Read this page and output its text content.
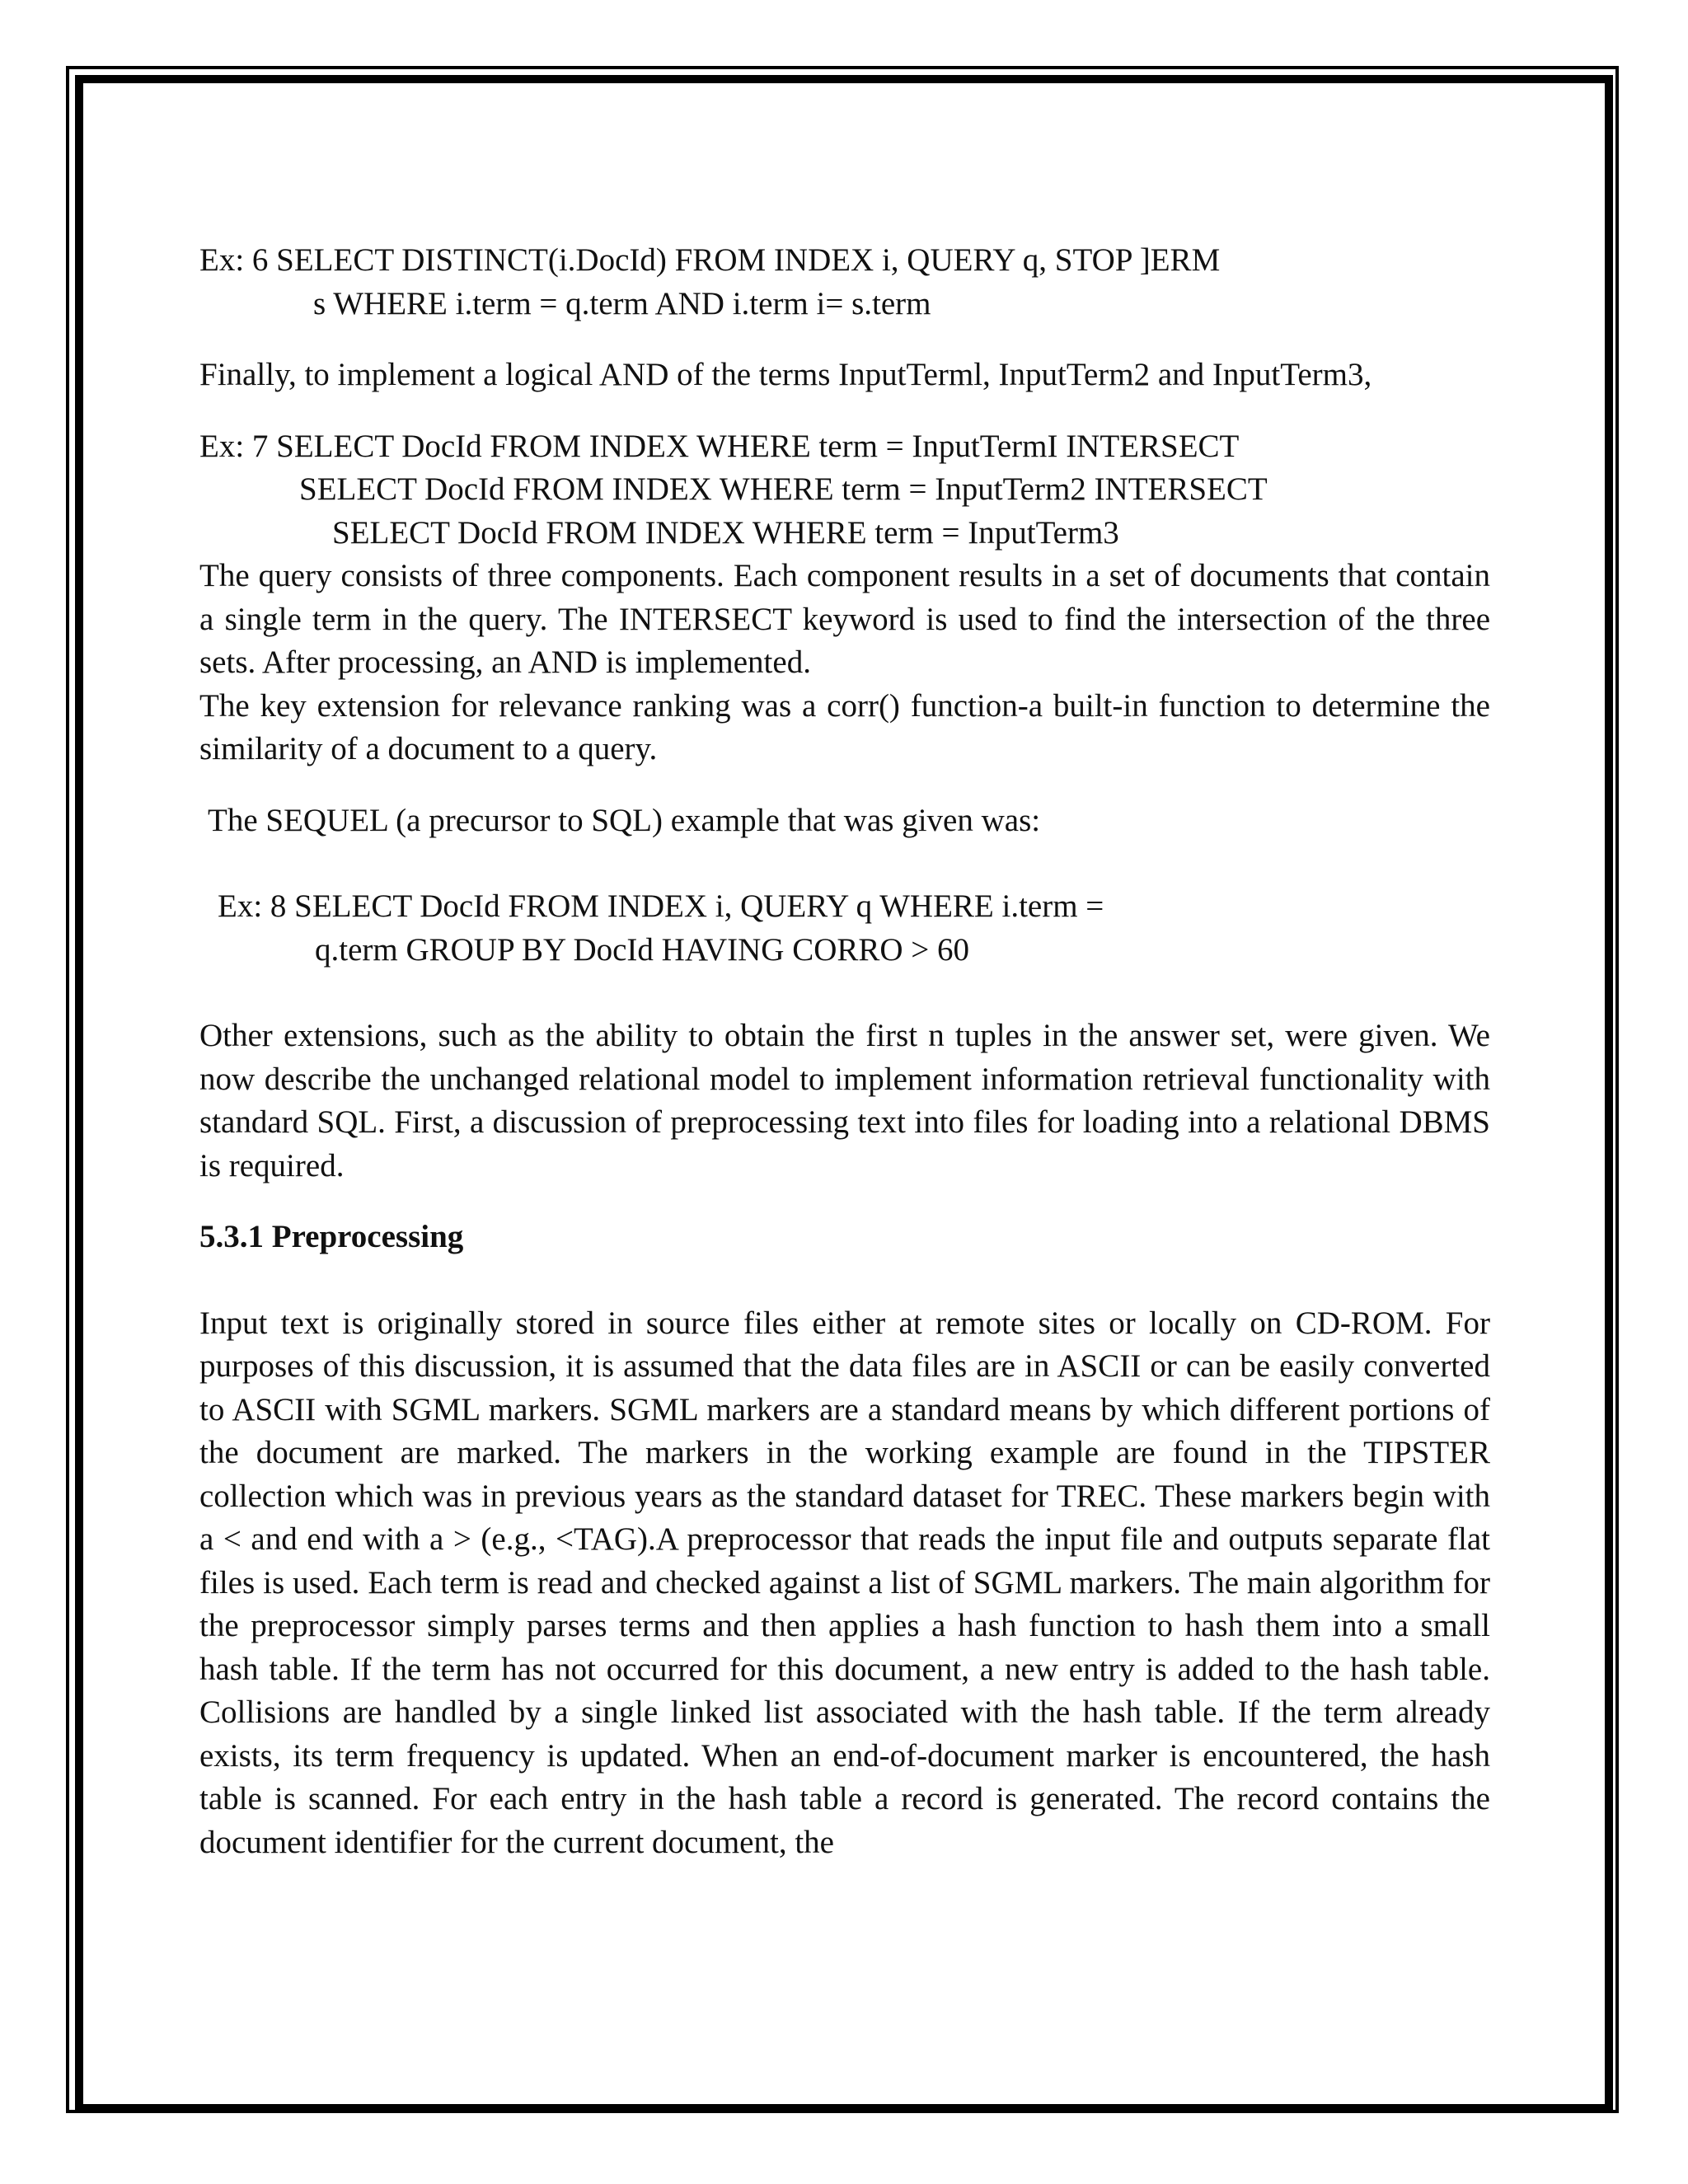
Ex: 6 SELECT DISTINCT(i.DocId) FROM INDEX i, QUERY q, STOP ]ERM
s WHERE i.term = q.term AND i.term i= s.term
Finally, to implement a logical AND of the terms InputTerml, InputTerm2 and InputTerm3,
Ex: 7 SELECT DocId FROM INDEX WHERE term = InputTermI INTERSECT
SELECT DocId FROM INDEX WHERE term = InputTerm2 INTERSECT
SELECT DocId FROM INDEX WHERE term = InputTerm3
The query consists of three components. Each component results in a set of documents that contain a single term in the query. The INTERSECT keyword is used to find the intersection of the three sets. After processing, an AND is implemented.
The key extension for relevance ranking was a corr() function-a built-in function to determine the similarity of a document to a query.
The SEQUEL (a precursor to SQL) example that was given was:
Ex: 8 SELECT DocId FROM INDEX i, QUERY q WHERE i.term =
q.term GROUP BY DocId HAVING CORRO > 60
Other extensions, such as the ability to obtain the first n tuples in the answer set, were given. We now describe the unchanged relational model to implement information retrieval functionality with standard SQL. First, a discussion of preprocessing text into files for loading into a relational DBMS is required.
5.3.1 Preprocessing
Input text is originally stored in source files either at remote sites or locally on CD-ROM. For purposes of this discussion, it is assumed that the data files are in ASCII or can be easily converted to ASCII with SGML markers. SGML markers are a standard means by which different portions of the document are marked. The markers in the working example are found in the TIPSTER collection which was in previous years as the standard dataset for TREC. These markers begin with a < and end with a > (e.g., <TAG).A preprocessor that reads the input file and outputs separate flat files is used. Each term is read and checked against a list of SGML markers. The main algorithm for the preprocessor simply parses terms and then applies a hash function to hash them into a small hash table. If the term has not occurred for this document, a new entry is added to the hash table. Collisions are handled by a single linked list associated with the hash table. If the term already exists, its term frequency is updated. When an end-of-document marker is encountered, the hash table is scanned. For each entry in the hash table a record is generated. The record contains the document identifier for the current document, the
